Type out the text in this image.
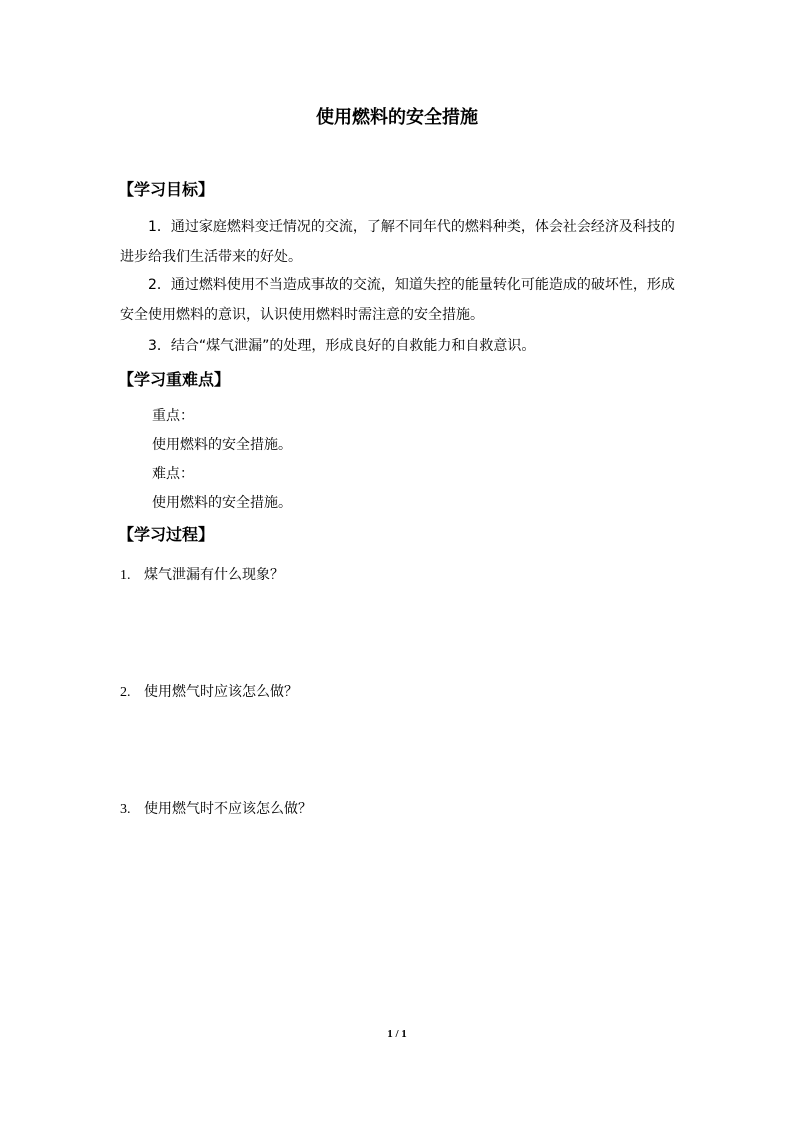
使用燃料的安全措施
【学习目标】

1．通过家庭燃料变迁情况的交流，了解不同年代的燃料种类，体会社会经济及科技的进步给我们生活带来的好处。

2．通过燃料使用不当造成事故的交流，知道失控的能量转化可能造成的破坏性，形成安全使用燃料的意识，认识使用燃料时需注意的安全措施。

3．结合“煤气泄漏”的处理，形成良好的自救能力和自救意识。

【学习重难点】
重点：
使用燃料的安全措施。
难点：
使用燃料的安全措施。
【学习过程】
1. 煤气泄漏有什么现象？
2. 使用燃气时应该怎么做？
3. 使用燃气时不应该怎么做？
1 / 1
